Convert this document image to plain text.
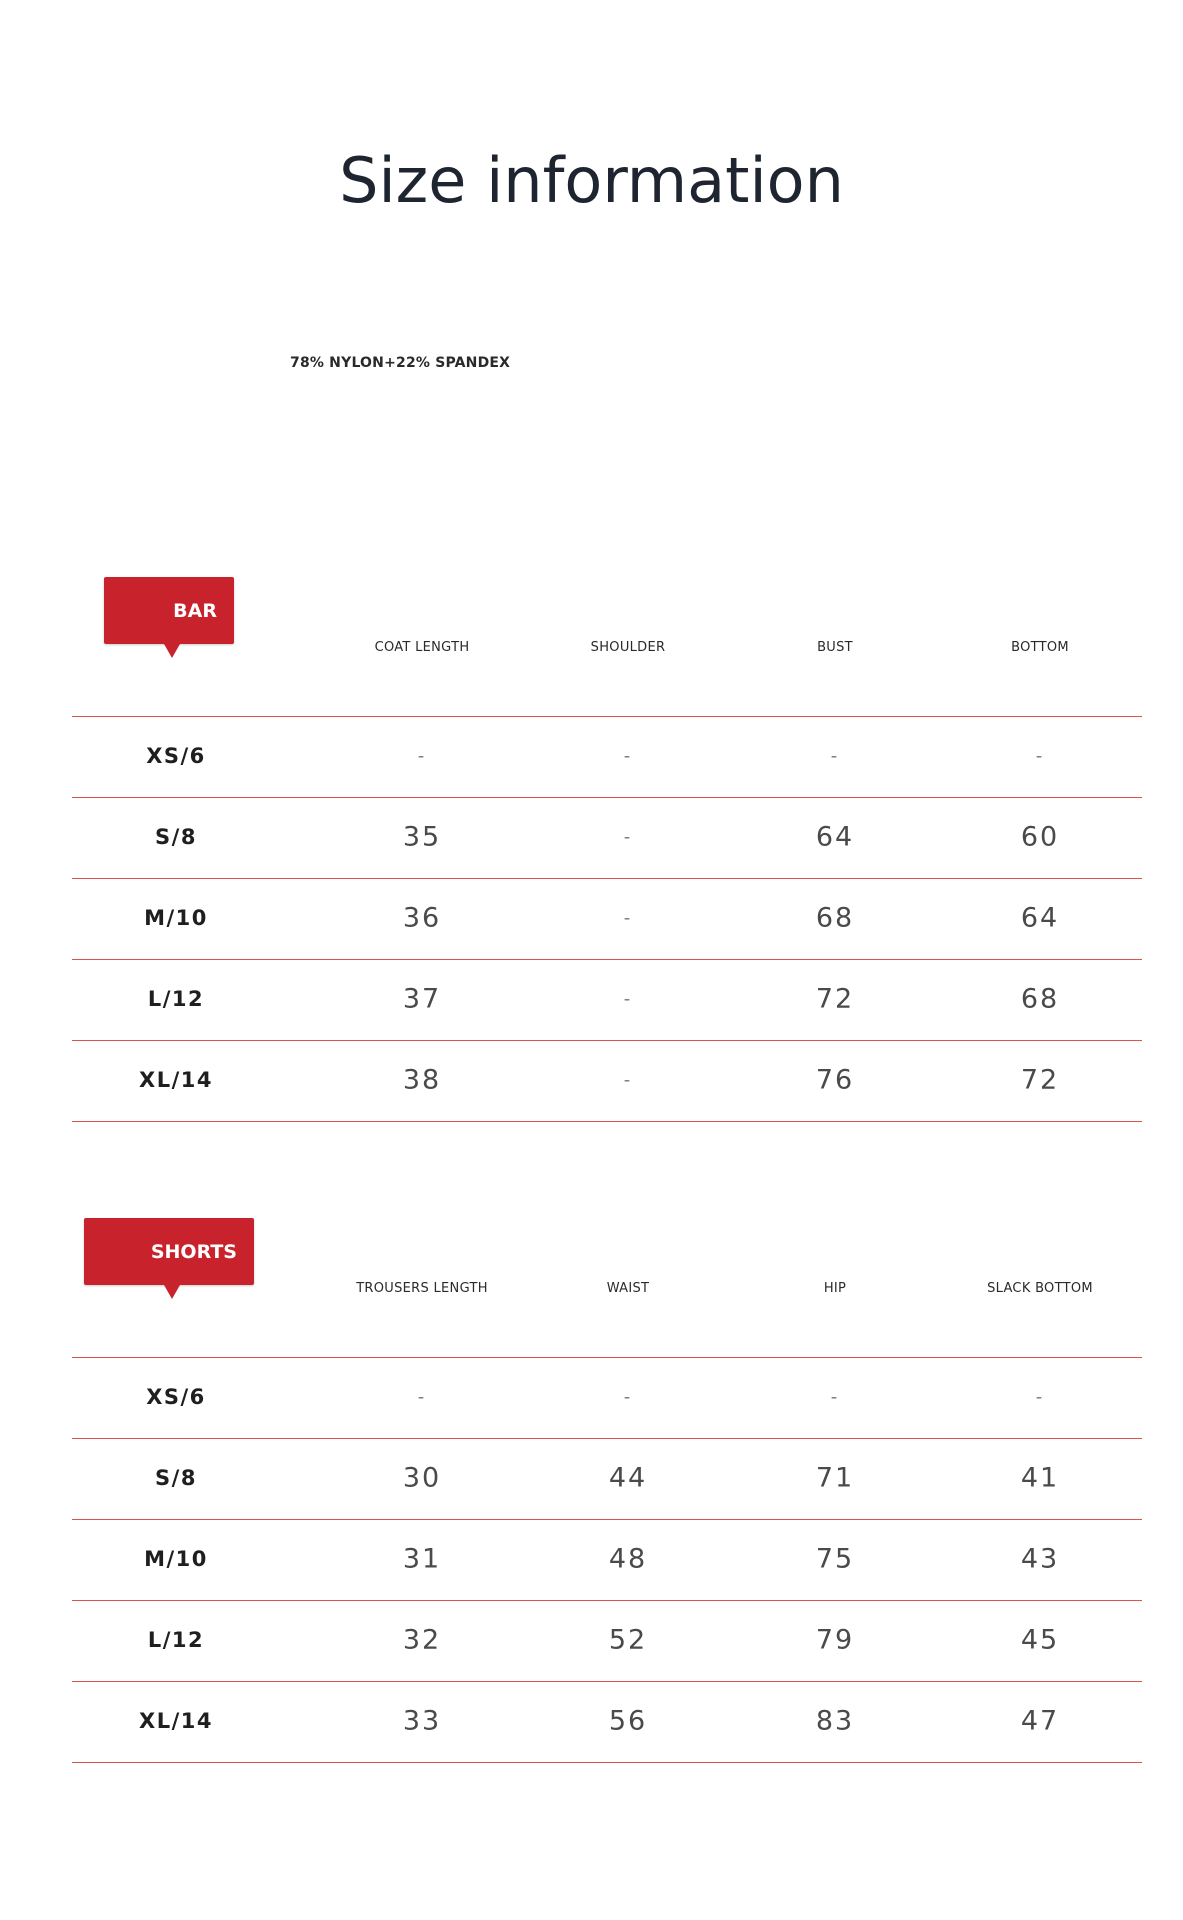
Size information
78% NYLON+22% SPANDEX
BAR
COAT LENGTH	SHOULDER	BUST	BOTTOM
XS/6	-	-	-	-
S/8	35	-	64	60
M/10	36	-	68	64
L/12	37	-	72	68
XL/14	38	-	76	72
SHORTS
TROUSERS LENGTH	WAIST	HIP	SLACK BOTTOM
XS/6	-	-	-	-
S/8	30	44	71	41
M/10	31	48	75	43
L/12	32	52	79	45
XL/14	33	56	83	47
